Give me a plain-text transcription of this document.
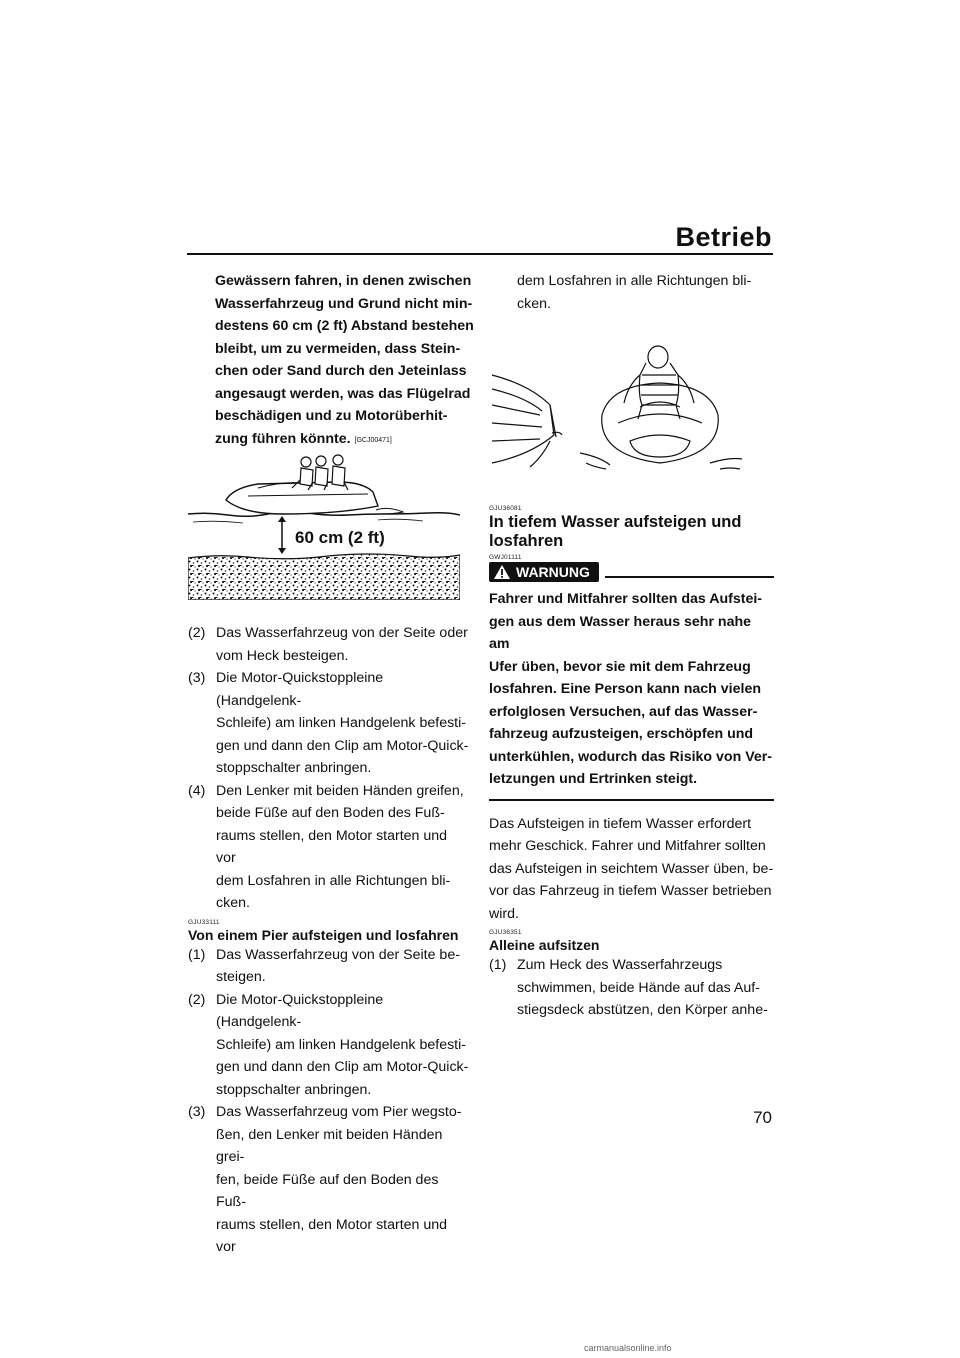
Betrieb
Gewässern fahren, in denen zwischen
Wasserfahrzeug und Grund nicht min-
destens 60 cm (2 ft) Abstand bestehen
bleibt, um zu vermeiden, dass Stein-
chen oder Sand durch den Jeteinlass
angesaugt werden, was das Flügelrad
beschädigen und zu Motorüberhit-
zung führen könnte. [GCJ00471]
60 cm (2 ft)
(2) Das Wasserfahrzeug von der Seite oder
vom Heck besteigen.
(3) Die Motor-Quickstoppleine (Handgelenk-
Schleife) am linken Handgelenk befesti-
gen und dann den Clip am Motor-Quick-
stoppschalter anbringen.
(4) Den Lenker mit beiden Händen greifen,
beide Füße auf den Boden des Fuß-
raums stellen, den Motor starten und vor
dem Losfahren in alle Richtungen bli-
cken.
GJU33111
Von einem Pier aufsteigen und losfahren
(1) Das Wasserfahrzeug von der Seite be-
steigen.
(2) Die Motor-Quickstoppleine (Handgelenk-
Schleife) am linken Handgelenk befesti-
gen und dann den Clip am Motor-Quick-
stoppschalter anbringen.
(3) Das Wasserfahrzeug vom Pier wegsto-
ßen, den Lenker mit beiden Händen grei-
fen, beide Füße auf den Boden des Fuß-
raums stellen, den Motor starten und vor
dem Losfahren in alle Richtungen bli-
cken.
GJU36081
In tiefem Wasser aufsteigen und
losfahren
GWJ01111
WARNUNG
Fahrer und Mitfahrer sollten das Aufstei-
gen aus dem Wasser heraus sehr nahe am
Ufer üben, bevor sie mit dem Fahrzeug
losfahren. Eine Person kann nach vielen
erfolglosen Versuchen, auf das Wasser-
fahrzeug aufzusteigen, erschöpfen und
unterkühlen, wodurch das Risiko von Ver-
letzungen und Ertrinken steigt.
Das Aufsteigen in tiefem Wasser erfordert
mehr Geschick. Fahrer und Mitfahrer sollten
das Aufsteigen in seichtem Wasser üben, be-
vor das Fahrzeug in tiefem Wasser betrieben
wird.
GJU36351
Alleine aufsitzen
(1) Zum Heck des Wasserfahrzeugs
schwimmen, beide Hände auf das Auf-
stiegsdeck abstützen, den Körper anhe-
70
carmanualsonline.info
